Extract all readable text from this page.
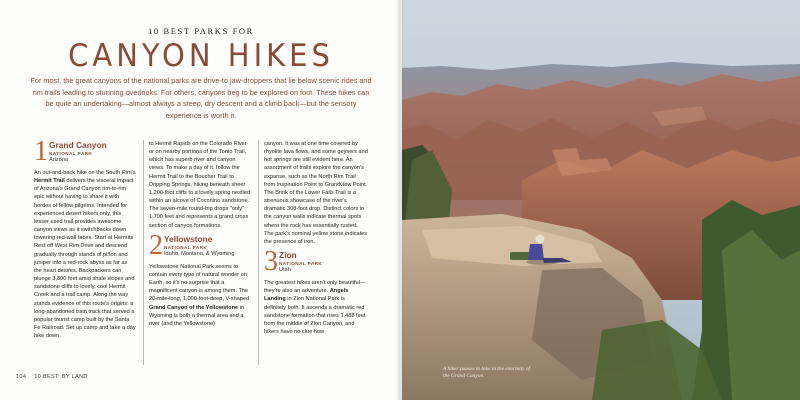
10 BEST PARKS FOR
CANYON HIKES

For most, the great canyons of the national parks are drive-to jaw-droppers that lie below scenic rides and rim trails leading to stunning overlooks. For others, canyons beg to be explored on foot. These hikes can be quite an undertaking—almost always a steep, dry descent and a climb back—but the sensory experience is worth it.

1 Grand Canyon
NATIONAL PARK
Arizona

An out-and-back hike on the South Rim's Hermit Trail delivers the visceral impact of Arizona's Grand Canyon rim-to-rim epic without having to share it with hordes of fellow pilgrims. Intended for experienced desert hikers only, this lesser used trail provides awesome canyon views as it switchbacks down towering red-wall faces. Start at Hermits Rest off West Rim Drive and descend gradually through stands of piñon and juniper into a red-rock abyss as far as the heart desires. Backpackers can plunge 3,800 feet amid shale slopes and sandstone cliffs to lovely, cool Hermit Creek and a trail camp. Along the way stands evidence of this route's origins: a long-abandoned train track that served a popular tourist camp built by the Santa Fe Railroad. Set up camp and take a day hike down

to Hermit Rapids on the Colorado River or on nearby portions of the Tonto Trail, which has superb river and canyon views. To make a day of it, follow the Hermit Trail to the Boucher Trail to Dripping Springs, hiking beneath sheer 1,200-foot cliffs to a lovely spring nestled within an alcove of Coconino sandstone. The seven-mile round-trip drops "only" 1,700 feet and represents a grand cross section of canyon formations.

2 Yellowstone
NATIONAL PARK
Idaho, Montana, & Wyoming

Yellowstone National Park seems to contain every type of natural wonder on Earth, so it's no surprise that a magnificent canyon is among them. The 20-mile-long, 1,000-foot-deep, V-shaped Grand Canyon of the Yellowstone in Wyoming is both a thermal area and a river (and the Yellowstone)

canyon. It was at one time covered by rhyolite lava flows, and some geysers and hot springs are still evident here. An assortment of trails explore the canyon's expanse, such as the North Rim Trail from Inspiration Point to Grandview Point. The Brink of the Lower Falls Trail is a strenuous showcase of the river's dramatic 308-foot drop. Distinct colors in the canyon walls indicate thermal spots where the rock has essentially rusted. The park's nominal yellow stone indicates the presence of iron.

3 Zion
NATIONAL PARK
Utah

The greatest hikes aren't only beautiful—they're also an adventure. Angels Landing in Zion National Park is definitely both. It ascends a dramatic red sandstone formation that rises 1,488 feet from the middle of Zion Canyon, and hikers have no clue how

104 10 BEST: BY LAND
A hiker pauses to take in the enormity of the Grand Canyon.
